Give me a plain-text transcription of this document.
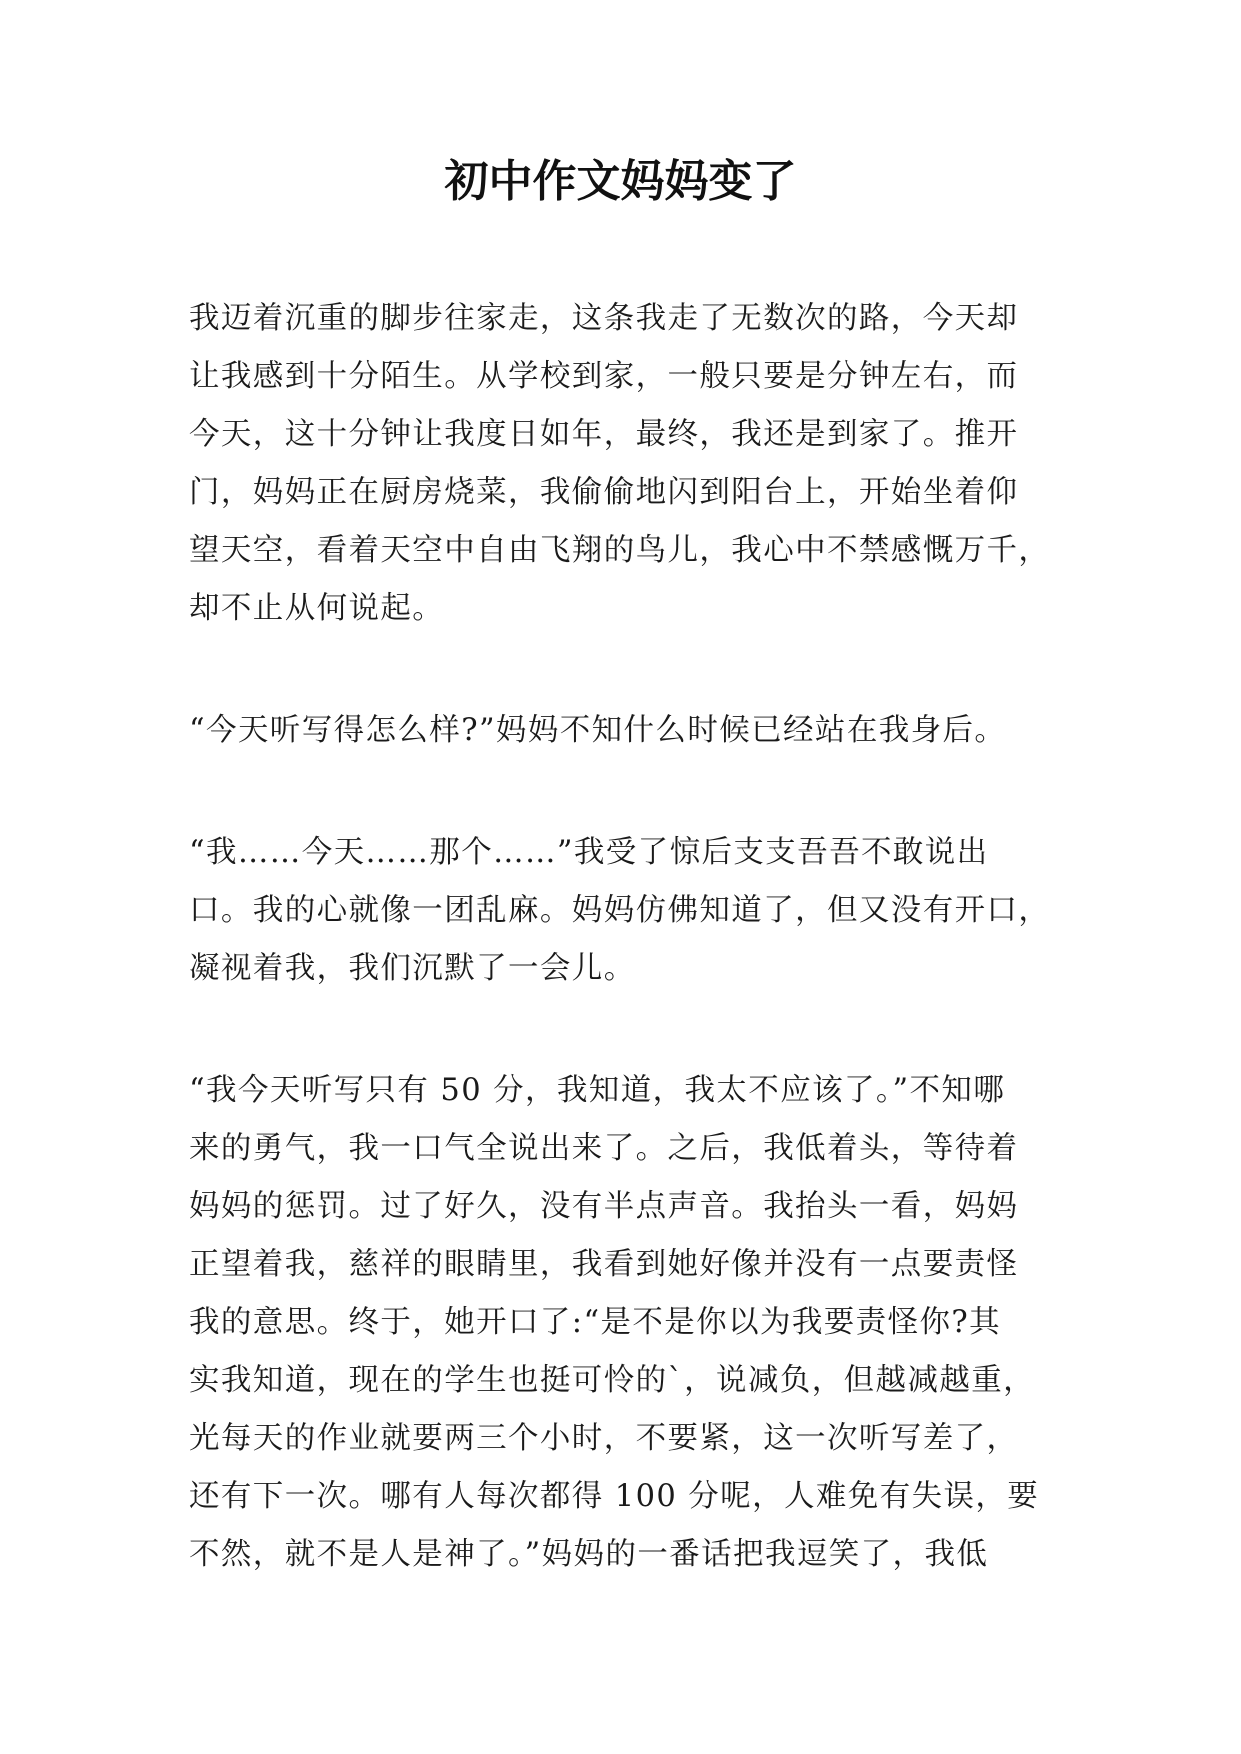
初中作文妈妈变了

我迈着沉重的脚步往家走，这条我走了无数次的路，今天却
让我感到十分陌生。从学校到家，一般只要是分钟左右，而
今天，这十分钟让我度日如年，最终，我还是到家了。推开
门，妈妈正在厨房烧菜，我偷偷地闪到阳台上，开始坐着仰
望天空，看着天空中自由飞翔的鸟儿，我心中不禁感慨万千，
却不止从何说起。

“今天听写得怎么样?”妈妈不知什么时候已经站在我身后。

“我……今天……那个……”我受了惊后支支吾吾不敢说出
口。我的心就像一团乱麻。妈妈仿佛知道了，但又没有开口，
凝视着我，我们沉默了一会儿。

“我今天听写只有 50 分，我知道，我太不应该了。”不知哪
来的勇气，我一口气全说出来了。之后，我低着头，等待着
妈妈的惩罚。过了好久，没有半点声音。我抬头一看，妈妈
正望着我，慈祥的眼睛里，我看到她好像并没有一点要责怪
我的意思。终于，她开口了:“是不是你以为我要责怪你?其
实我知道，现在的学生也挺可怜的`，说减负，但越减越重，
光每天的作业就要两三个小时，不要紧，这一次听写差了，
还有下一次。哪有人每次都得 100 分呢，人难免有失误，要
不然，就不是人是神了。”妈妈的一番话把我逗笑了，我低
